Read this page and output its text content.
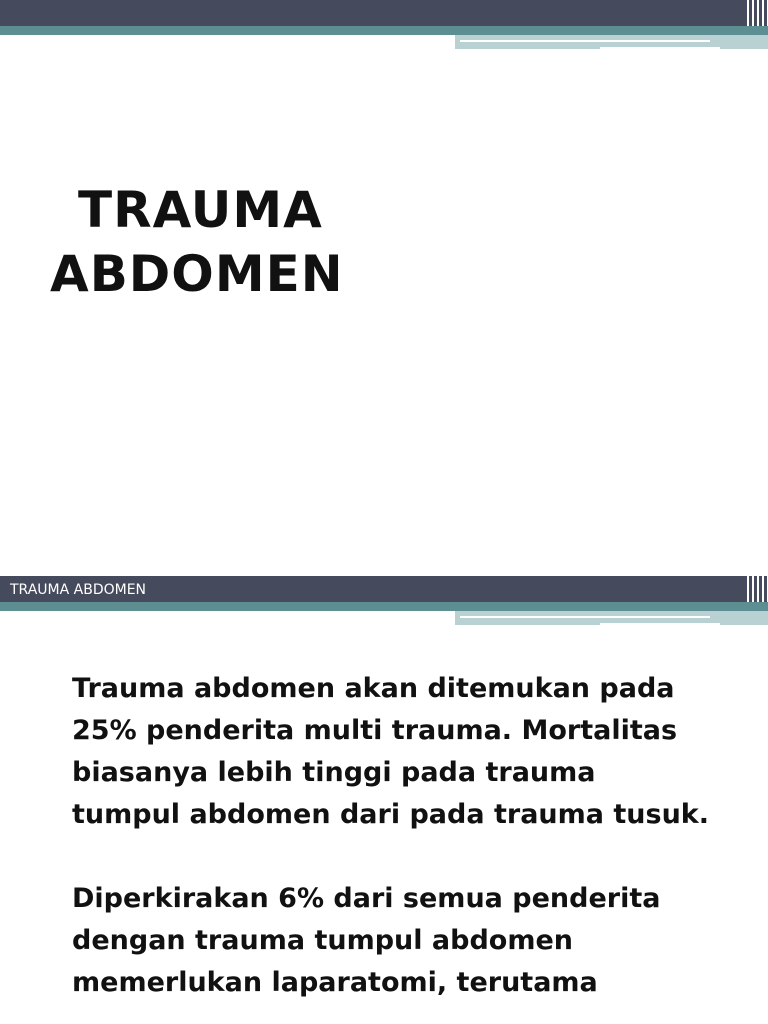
TRAUMA
ABDOMEN
TRAUMA ABDOMEN

Trauma abdomen akan ditemukan pada 25% penderita multi trauma. Mortalitas biasanya lebih tinggi pada trauma tumpul abdomen dari pada trauma tusuk.

Diperkirakan 6% dari semua penderita dengan trauma tumpul abdomen memerlukan laparatomi, terutama
